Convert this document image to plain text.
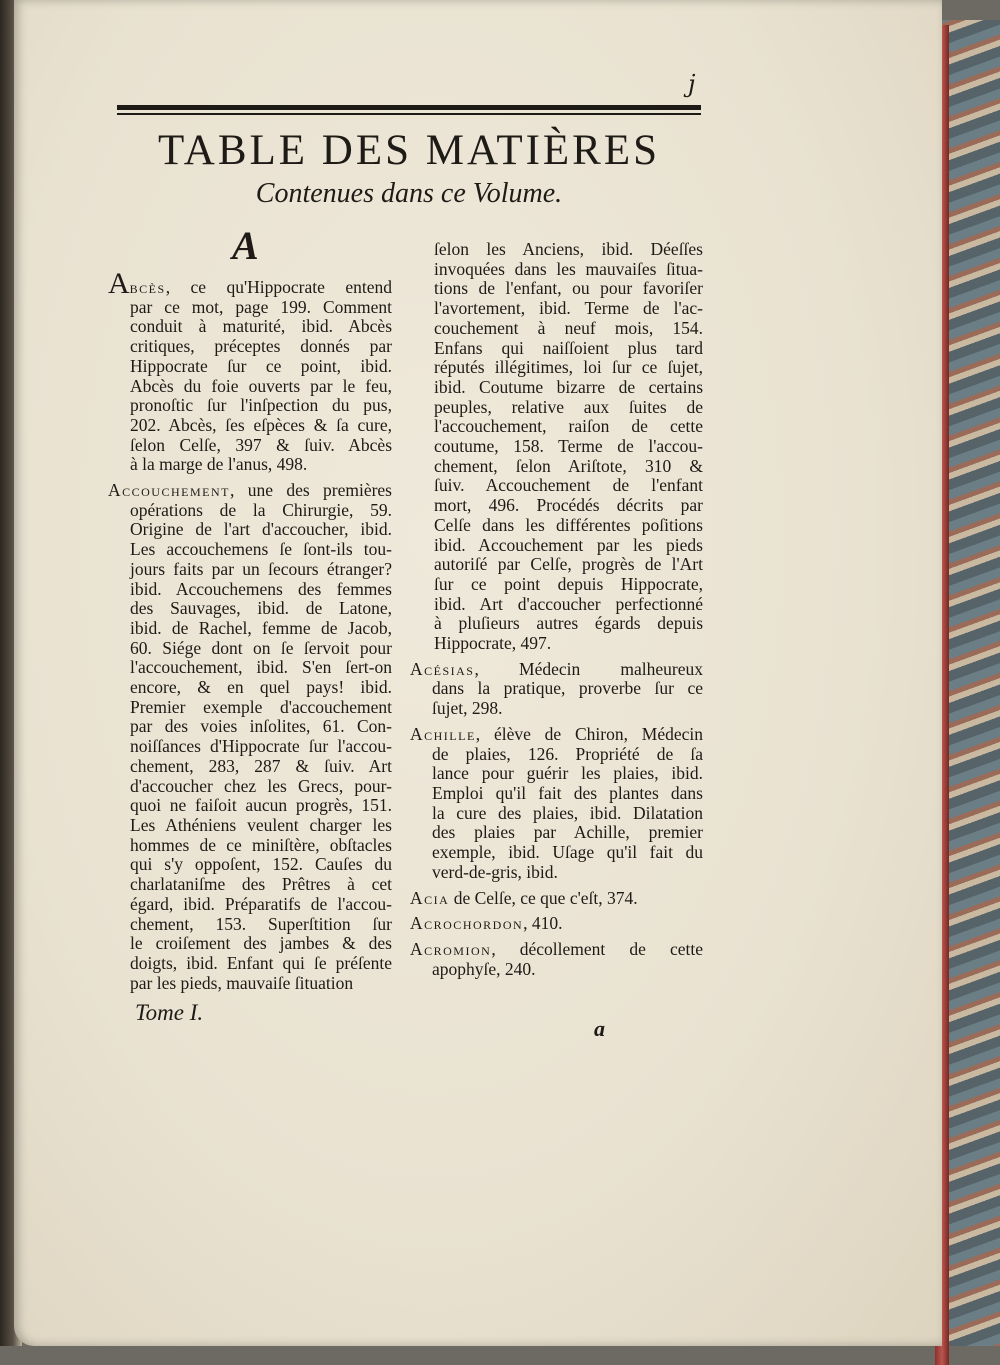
j
TABLE DES MATIÈRES
Contenues dans ce Volume.
A
Abcès, ce qu'Hippocrate entend
par ce mot, page 199. Comment
conduit à maturité, ibid. Abcès
critiques, préceptes donnés par
Hippocrate ſur ce point, ibid.
Abcès du foie ouverts par le feu,
pronoſtic ſur l'inſpection du pus,
202. Abcès, ſes eſpèces & ſa cure,
ſelon Celſe, 397 & ſuiv. Abcès
à la marge de l'anus, 498.
Accouchement, une des premières
opérations de la Chirurgie, 59.
Origine de l'art d'accoucher, ibid.
Les accouchemens ſe ſont-ils tou-
jours faits par un ſecours étranger?
ibid. Accouchemens des femmes
des Sauvages, ibid. de Latone,
ibid. de Rachel, femme de Jacob,
60. Siége dont on ſe ſervoit pour
l'accouchement, ibid. S'en ſert-on
encore, & en quel pays! ibid.
Premier exemple d'accouchement
par des voies inſolites, 61. Con-
noiſſances d'Hippocrate ſur l'accou-
chement, 283, 287 & ſuiv. Art
d'accoucher chez les Grecs, pour-
quoi ne faiſoit aucun progrès, 151.
Les Athéniens veulent charger les
hommes de ce miniſtère, obſtacles
qui s'y oppoſent, 152. Cauſes du
charlataniſme des Prêtres à cet
égard, ibid. Préparatifs de l'accou-
chement, 153. Superſtition ſur
le croiſement des jambes & des
doigts, ibid. Enfant qui ſe préſente
par les pieds, mauvaiſe ſituation
ſelon les Anciens, ibid. Déeſſes
invoquées dans les mauvaiſes ſitua-
tions de l'enfant, ou pour favoriſer
l'avortement, ibid. Terme de l'ac-
couchement à neuf mois, 154.
Enfans qui naiſſoient plus tard
réputés illégitimes, loi ſur ce ſujet,
ibid. Coutume bizarre de certains
peuples, relative aux ſuites de
l'accouchement, raiſon de cette
coutume, 158. Terme de l'accou-
chement, ſelon Ariſtote, 310 &
ſuiv. Accouchement de l'enfant
mort, 496. Procédés décrits par
Celſe dans les différentes poſitions
ibid. Accouchement par les pieds
autoriſé par Celſe, progrès de l'Art
ſur ce point depuis Hippocrate,
ibid. Art d'accoucher perfectionné
à pluſieurs autres égards depuis
Hippocrate, 497.
Acésias, Médecin malheureux
dans la pratique, proverbe ſur ce
ſujet, 298.
Achille, élève de Chiron, Médecin
de plaies, 126. Propriété de ſa
lance pour guérir les plaies, ibid.
Emploi qu'il fait des plantes dans
la cure des plaies, ibid. Dilatation
des plaies par Achille, premier
exemple, ibid. Uſage qu'il fait du
verd-de-gris, ibid.
Acia de Celſe, ce que c'eſt, 374.
Acrochordon, 410.
Acromion, décollement de cette
apophyſe, 240.
Tome I.
a
